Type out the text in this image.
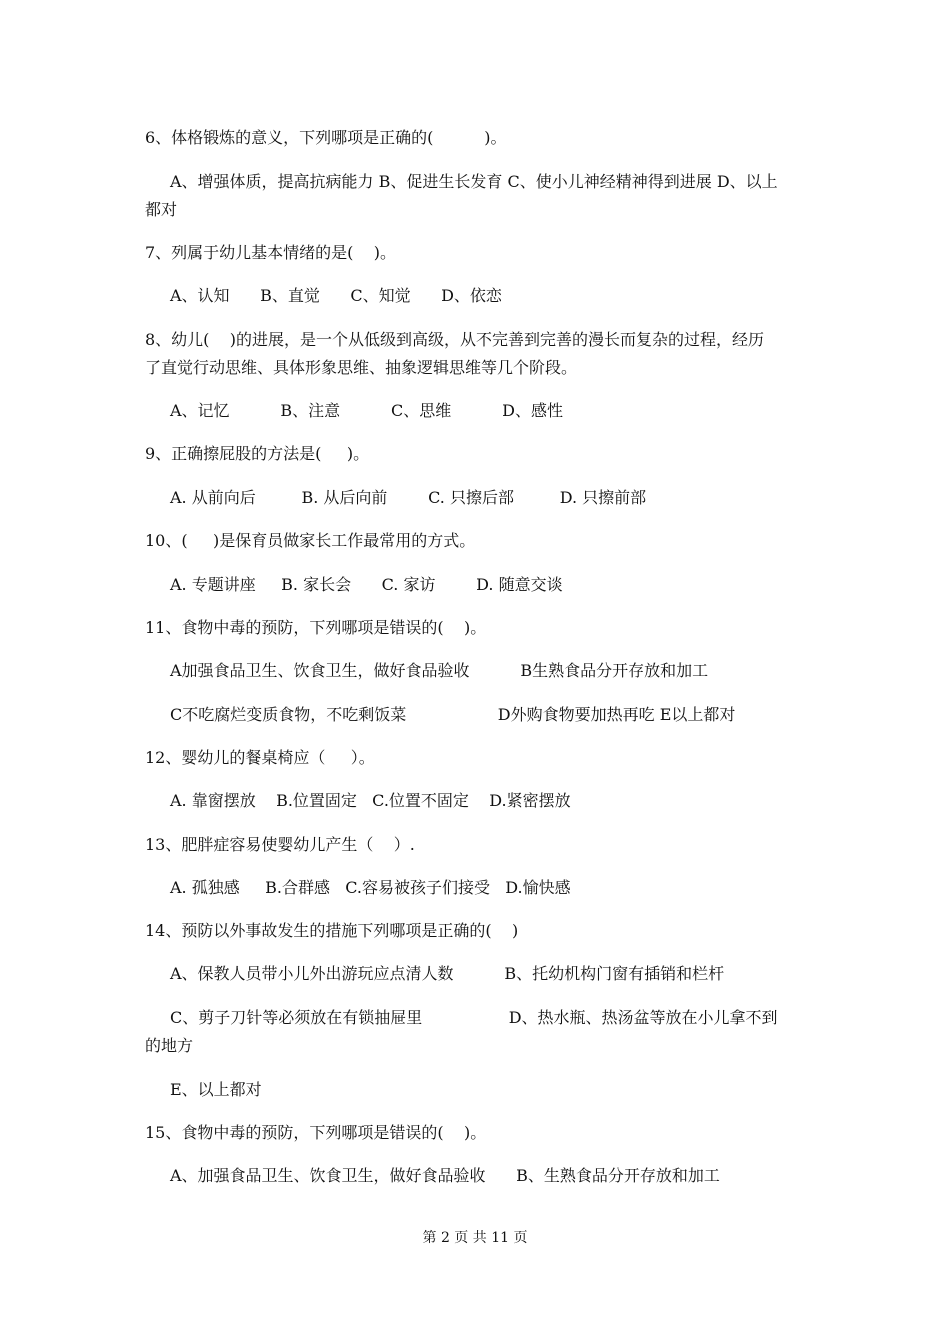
6、体格锻炼的意义，下列哪项是正确的(          )。
A、增强体质，提高抗病能力 B、促进生长发育 C、使小儿神经精神得到进展 D、以上
都对
7、列属于幼儿基本情绪的是(    )。
A、认知      B、直觉      C、知觉      D、依恋
8、幼儿(    )的进展，是一个从低级到高级，从不完善到完善的漫长而复杂的过程，经历
了直觉行动思维、具体形象思维、抽象逻辑思维等几个阶段。
A、记忆          B、注意          C、思维          D、感性
9、正确擦屁股的方法是(     )。
A. 从前向后         B. 从后向前        C. 只擦后部         D. 只擦前部
10、(     )是保育员做家长工作最常用的方式。
A. 专题讲座     B. 家长会      C. 家访        D. 随意交谈
11、食物中毒的预防，下列哪项是错误的(    )。
A加强食品卫生、饮食卫生，做好食品验收          B生熟食品分开存放和加工
C不吃腐烂变质食物，不吃剩饭菜                  D外购食物要加热再吃 E以上都对
12、婴幼儿的餐桌椅应（     ）。
A. 靠窗摆放    B.位置固定   C.位置不固定    D.紧密摆放
13、肥胖症容易使婴幼儿产生（    ）.
A. 孤独感     B.合群感   C.容易被孩子们接受   D.愉快感
14、预防以外事故发生的措施下列哪项是正确的(    )
A、保教人员带小儿外出游玩应点清人数          B、托幼机构门窗有插销和栏杆
C、剪子刀针等必须放在有锁抽屉里                 D、热水瓶、热汤盆等放在小儿拿不到
的地方
E、以上都对
15、食物中毒的预防，下列哪项是错误的(    )。
A、加强食品卫生、饮食卫生，做好食品验收      B、生熟食品分开存放和加工
第 2 页 共 11 页
